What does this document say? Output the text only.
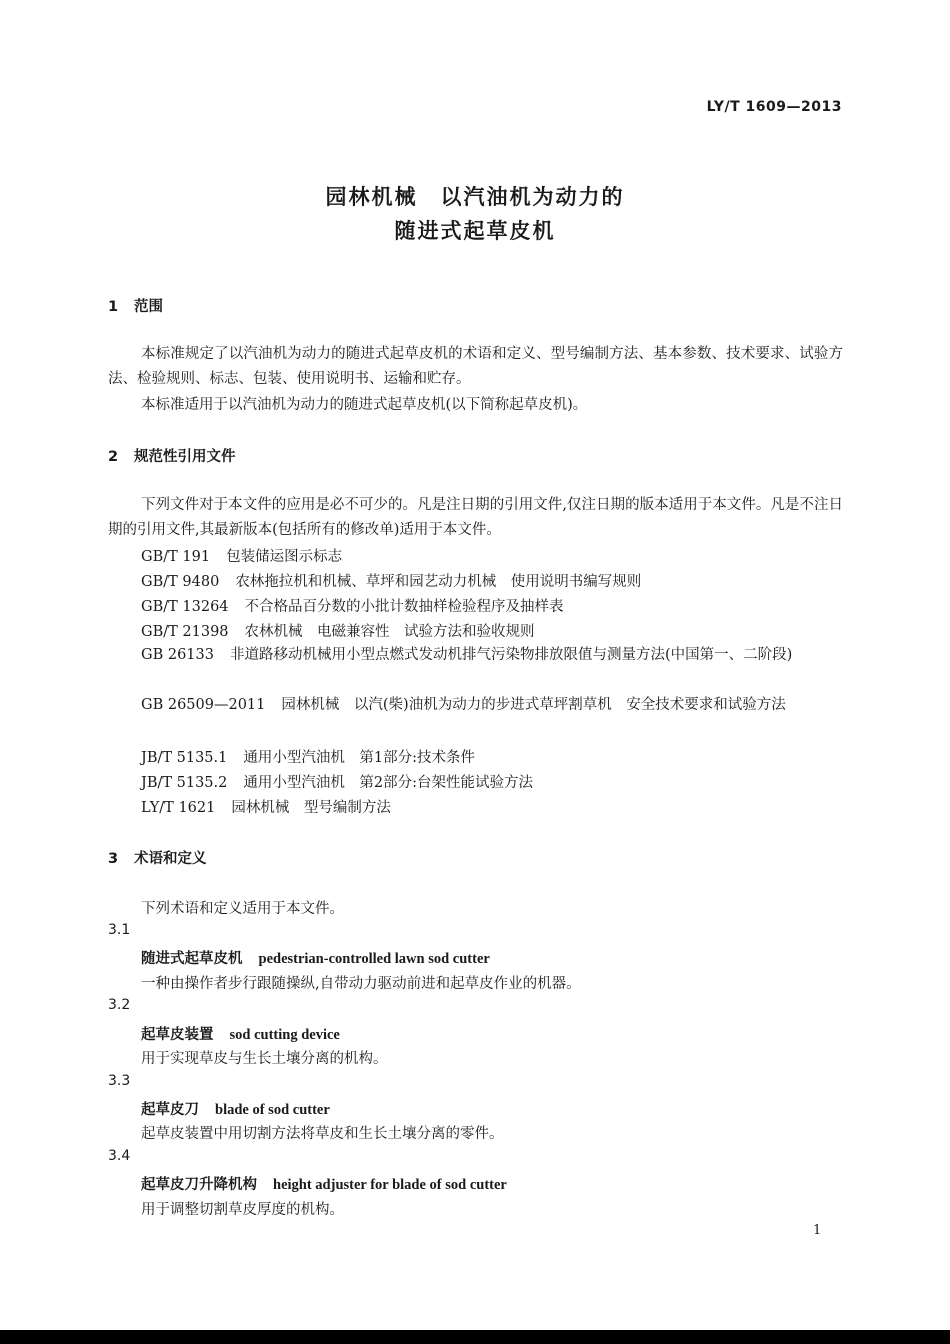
LY/T 1609—2013
园林机械　以汽油机为动力的
随进式起草皮机
1 范围
本标准规定了以汽油机为动力的随进式起草皮机的术语和定义、型号编制方法、基本参数、技术要求、试验方法、检验规则、标志、包装、使用说明书、运输和贮存。
本标准适用于以汽油机为动力的随进式起草皮机(以下简称起草皮机)。
2 规范性引用文件
下列文件对于本文件的应用是必不可少的。凡是注日期的引用文件,仅注日期的版本适用于本文件。凡是不注日期的引用文件,其最新版本(包括所有的修改单)适用于本文件。
GB/T 191 包装储运图示标志
GB/T 9480 农林拖拉机和机械、草坪和园艺动力机械　使用说明书编写规则
GB/T 13264 不合格品百分数的小批计数抽样检验程序及抽样表
GB/T 21398 农林机械　电磁兼容性　试验方法和验收规则
GB 26133 非道路移动机械用小型点燃式发动机排气污染物排放限值与测量方法(中国第一、二阶段)
GB 26509—2011 园林机械　以汽(柴)油机为动力的步进式草坪割草机　安全技术要求和试验方法
JB/T 5135.1 通用小型汽油机　第1部分:技术条件
JB/T 5135.2 通用小型汽油机　第2部分:台架性能试验方法
LY/T 1621 园林机械　型号编制方法
3 术语和定义
下列术语和定义适用于本文件。
3.1
随进式起草皮机 pedestrian-controlled lawn sod cutter
一种由操作者步行跟随操纵,自带动力驱动前进和起草皮作业的机器。
3.2
起草皮装置 sod cutting device
用于实现草皮与生长土壤分离的机构。
3.3
起草皮刀 blade of sod cutter
起草皮装置中用切割方法将草皮和生长土壤分离的零件。
3.4
起草皮刀升降机构 height adjuster for blade of sod cutter
用于调整切割草皮厚度的机构。
1
